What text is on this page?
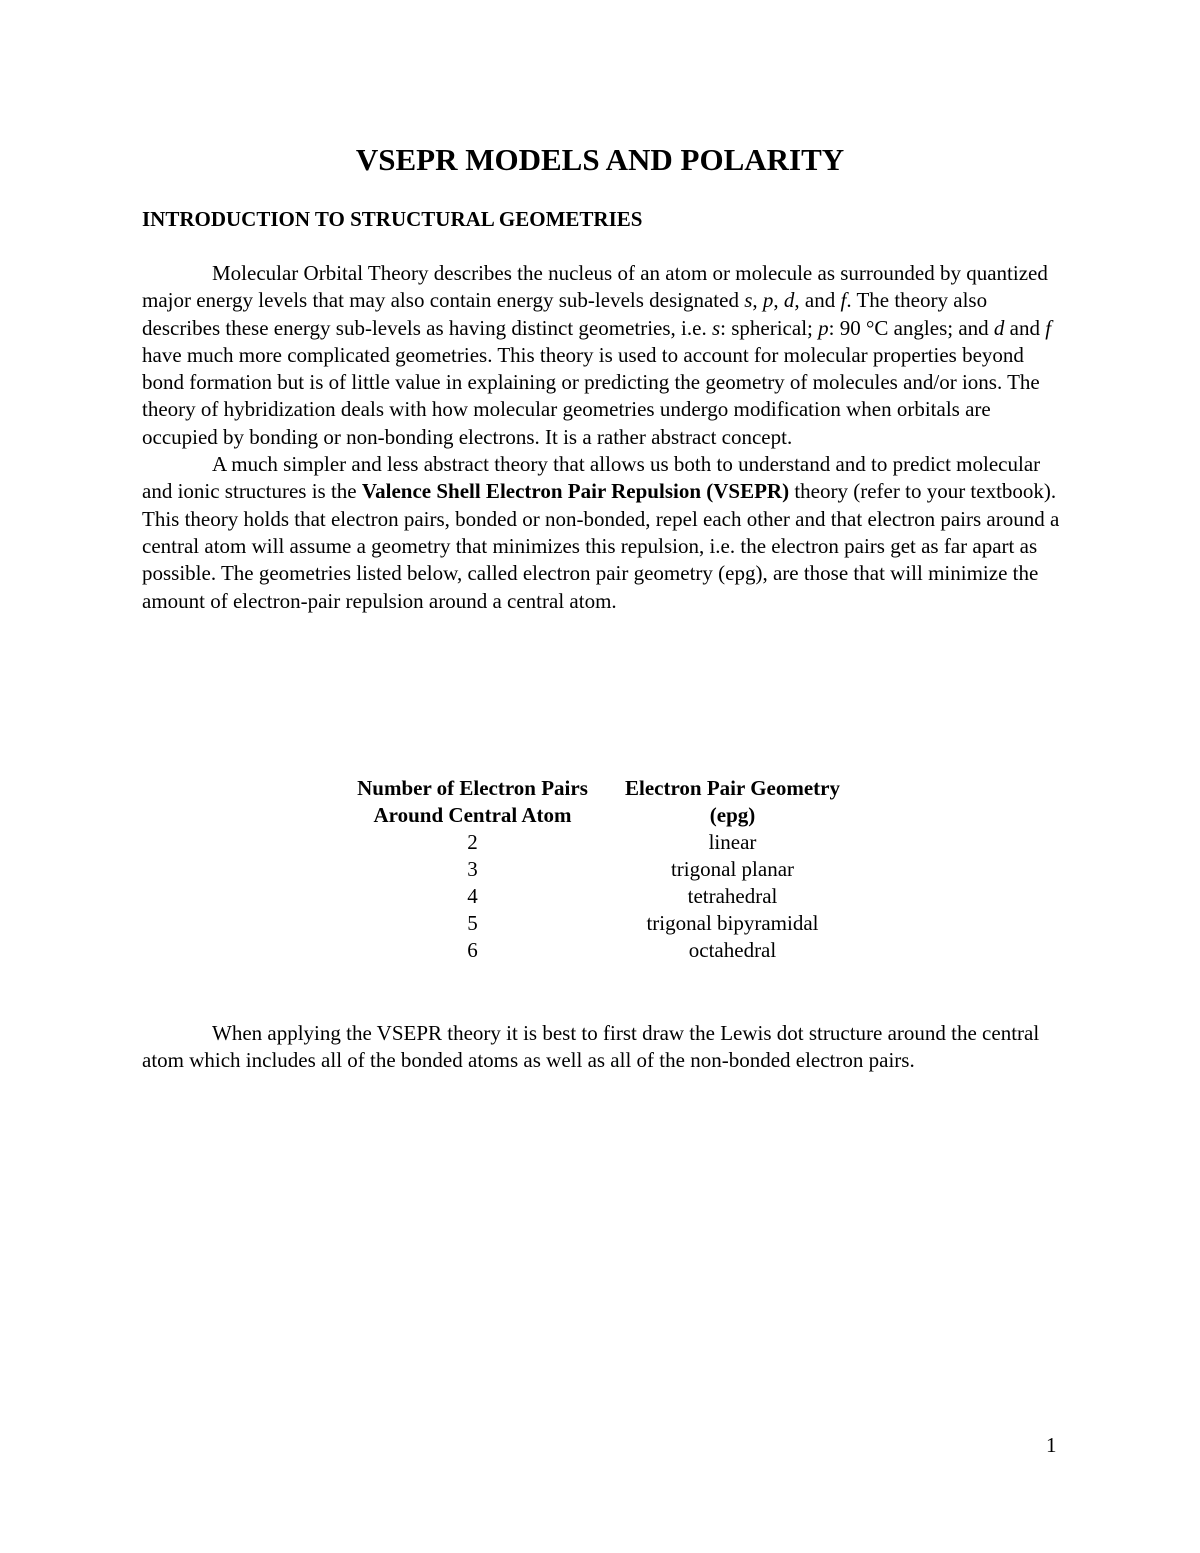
VSEPR MODELS AND POLARITY
INTRODUCTION TO STRUCTURAL GEOMETRIES

Molecular Orbital Theory describes the nucleus of an atom or molecule as surrounded by quantized major energy levels that may also contain energy sub-levels designated s, p, d, and f. The theory also describes these energy sub-levels as having distinct geometries, i.e. s: spherical; p: 90 °C angles; and d and f have much more complicated geometries. This theory is used to account for molecular properties beyond bond formation but is of little value in explaining or predicting the geometry of molecules and/or ions. The theory of hybridization deals with how molecular geometries undergo modification when orbitals are occupied by bonding or non-bonding electrons. It is a rather abstract concept.

A much simpler and less abstract theory that allows us both to understand and to predict molecular and ionic structures is the Valence Shell Electron Pair Repulsion (VSEPR) theory (refer to your textbook). This theory holds that electron pairs, bonded or non-bonded, repel each other and that electron pairs around a central atom will assume a geometry that minimizes this repulsion, i.e. the electron pairs get as far apart as possible. The geometries listed below, called electron pair geometry (epg), are those that will minimize the amount of electron-pair repulsion around a central atom.

Number of Electron Pairs Around Central Atom		Electron Pair Geometry (epg)
2		linear
3		trigonal planar
4		tetrahedral
5		trigonal bipyramidal
6		octahedral

When applying the VSEPR theory it is best to first draw the Lewis dot structure around the central atom which includes all of the bonded atoms as well as all of the non-bonded electron pairs.

1
